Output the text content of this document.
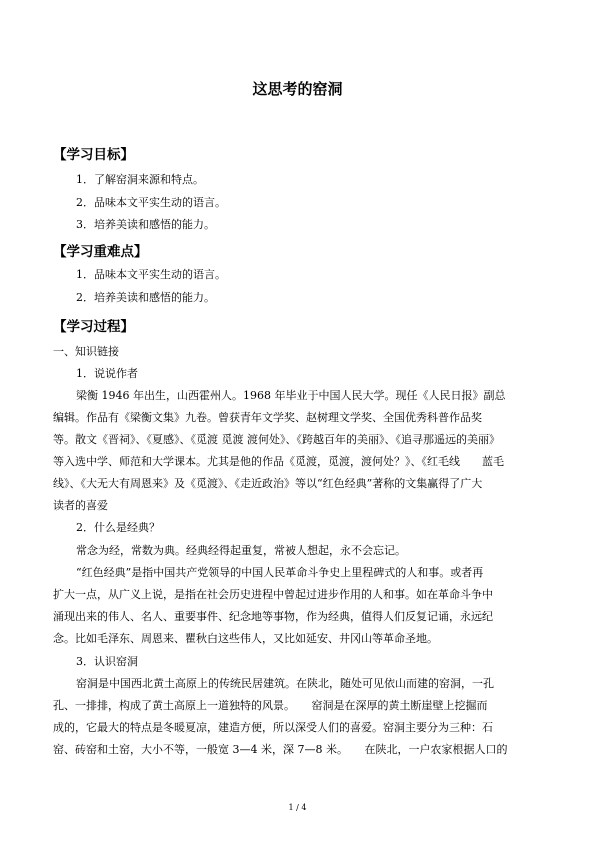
这思考的窑洞
【学习目标】
1．了解窑洞来源和特点。
2．品味本文平实生动的语言。
3．培养美读和感悟的能力。
【学习重难点】
1．品味本文平实生动的语言。
2．培养美读和感悟的能力。
【学习过程】
一、知识链接
1．说说作者
梁衡 1946 年出生，山西霍州人。1968 年毕业于中国人民大学。现任《人民日报》副总
编辑。作品有《梁衡文集》九卷。曾获青年文学奖、赵树理文学奖、全国优秀科普作品奖
等。散文《晋祠》、《夏感》、《觅渡 觅渡 渡何处》、《跨越百年的美丽》、《追寻那遥远的美丽》
等入选中学、师范和大学课本。尤其是他的作品《觅渡，觅渡，渡何处？》、《红毛线　　蓝毛
线》、《大无大有周恩来》及《觅渡》、《走近政治》等以“红色经典”著称的文集赢得了广大
读者的喜爱
2．什么是经典？
常念为经，常数为典。经典经得起重复，常被人想起，永不会忘记。
“红色经典”是指中国共产党领导的中国人民革命斗争史上里程碑式的人和事。或者再
扩大一点，从广义上说，是指在社会历史进程中曾起过进步作用的人和事。如在革命斗争中
涌现出来的伟人、名人、重要事件、纪念地等事物，作为经典，值得人们反复记诵，永远纪
念。比如毛泽东、周恩来、瞿秋白这些伟人，又比如延安、井冈山等革命圣地。
3．认识窑洞
窑洞是中国西北黄土高原上的传统民居建筑。在陕北，随处可见依山而建的窑洞，一孔
孔、一排排，构成了黄土高原上一道独特的风景。　　窑洞是在深厚的黄土断崖壁上挖掘而
成的，它最大的特点是冬暖夏凉，建造方便，所以深受人们的喜爱。窑洞主要分为三种：石
窑、砖窑和土窑，大小不等，一般宽 3—4 米，深 7—8 米。　　在陕北，一户农家根据人口的
1 / 4
